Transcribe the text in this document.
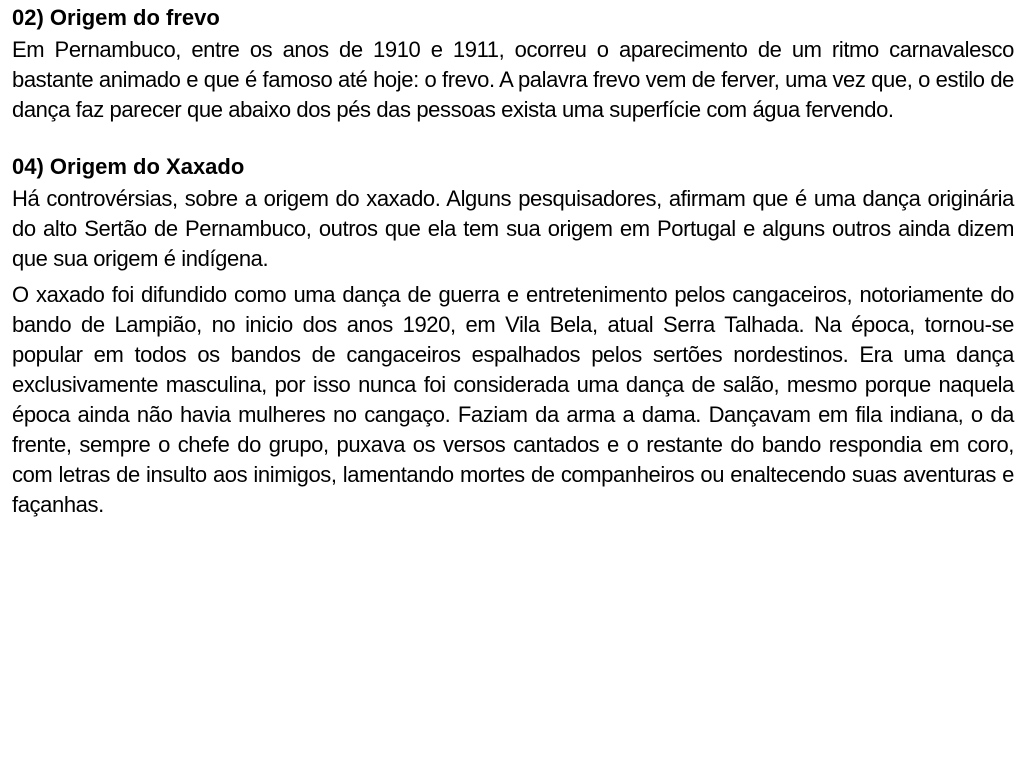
02) Origem do frevo
Em Pernambuco, entre os anos de 1910 e 1911, ocorreu o aparecimento de um ritmo carnavalesco bastante animado e que é famoso até hoje: o frevo. A palavra frevo vem de ferver, uma vez que, o estilo de dança faz parecer que abaixo dos pés das pessoas exista uma superfície com água fervendo.
04) Origem do Xaxado
Há controvérsias, sobre a origem do xaxado. Alguns pesquisadores, afirmam que é uma dança originária do alto Sertão de Pernambuco, outros que ela tem sua origem em Portugal e alguns outros ainda dizem que sua origem é indígena.
O xaxado foi difundido como uma dança de guerra e entretenimento pelos cangaceiros, notoriamente do bando de Lampião, no inicio dos anos 1920, em Vila Bela, atual Serra Talhada. Na época, tornou-se popular em todos os bandos de cangaceiros espalhados pelos sertões nordestinos. Era uma dança exclusivamente masculina, por isso nunca foi considerada uma dança de salão, mesmo porque naquela época ainda não havia mulheres no cangaço. Faziam da arma a dama. Dançavam em fila indiana, o da frente, sempre o chefe do grupo, puxava os versos cantados e o restante do bando respondia em coro, com letras de insulto aos inimigos, lamentando mortes de companheiros ou enaltecendo suas aventuras e façanhas.
